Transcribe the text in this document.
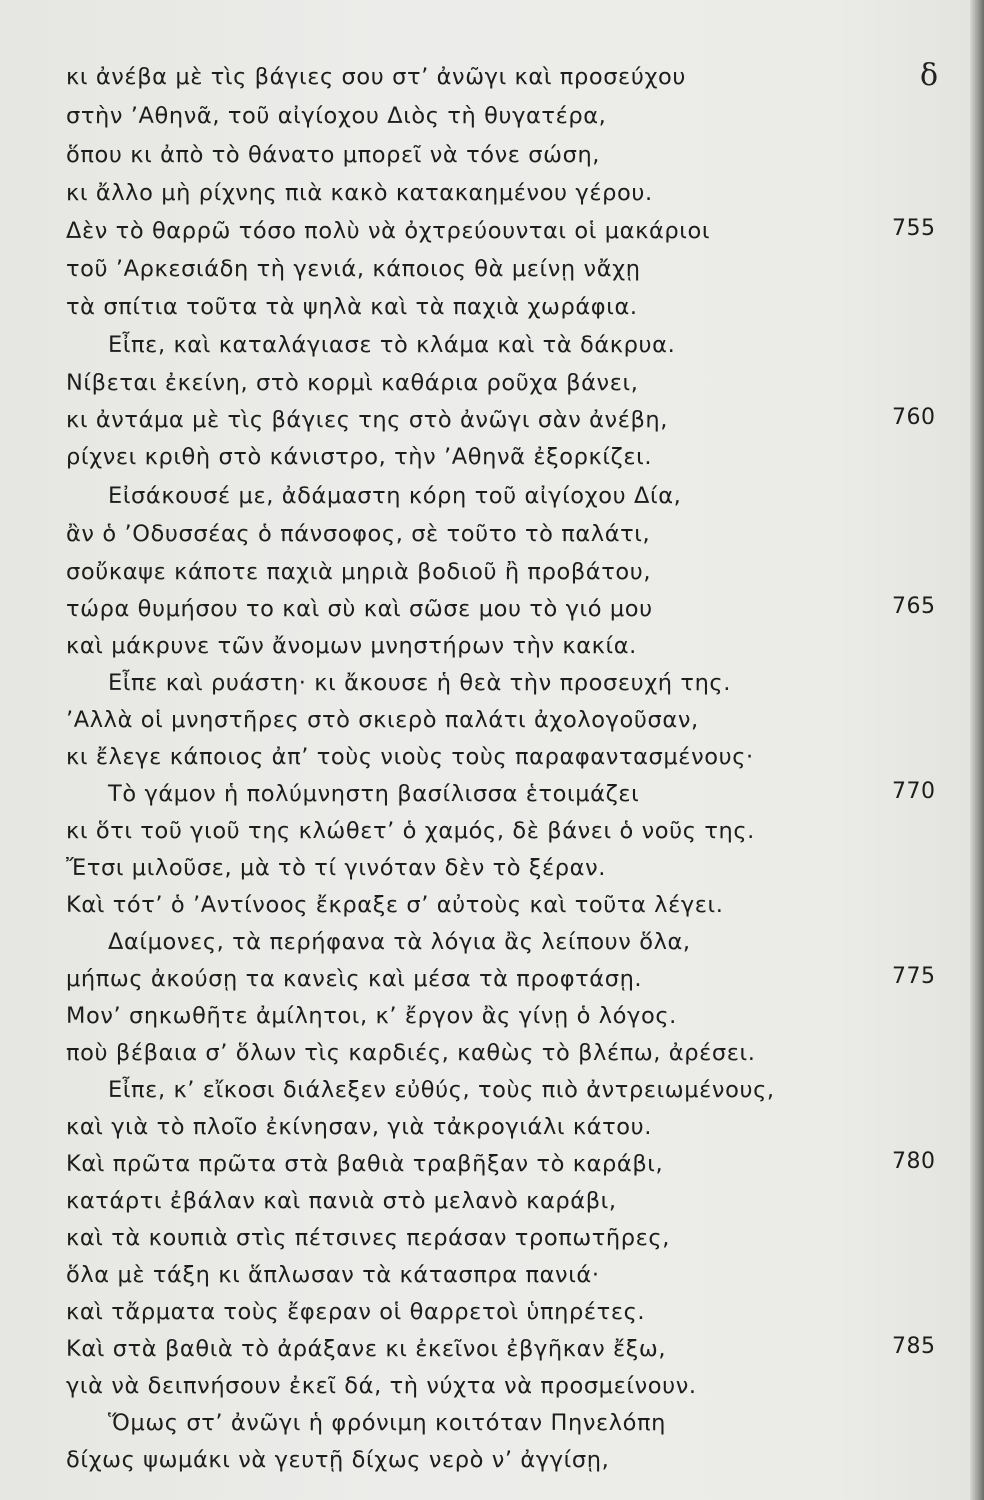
δ
κι ἀνέβα μὲ τὶς βάγιες σου στ’ ἀνῶγι καὶ προσεύχου
στὴν ’Αθηνᾶ, τοῦ αἰγίοχου Διὸς τὴ θυγατέρα,
ὅπου κι ἀπὸ τὸ θάνατο μπορεῖ νὰ τόνε σώση,
κι ἄλλο μὴ ρίχνης πιὰ κακὸ κατακαημένου γέρου.
Δὲν τὸ θαρρῶ τόσο πολὺ νὰ ὀχτρεύουνται οἱ μακάριοι
τοῦ ’Αρκεσιάδη τὴ γενιά, κάποιος θὰ μείνῃ νἄχῃ
τὰ σπίτια τοῦτα τὰ ψηλὰ καὶ τὰ παχιὰ χωράφια.
Εἶπε, καὶ καταλάγιασε τὸ κλάμα καὶ τὰ δάκρυα.
Νίβεται ἐκείνη, στὸ κορμὶ καθάρια ροῦχα βάνει,
κι ἀντάμα μὲ τὶς βάγιες της στὸ ἀνῶγι σὰν ἀνέβη,
ρίχνει κριθὴ στὸ κάνιστρο, τὴν ’Αθηνᾶ ἐξορκίζει.
Εἰσάκουσέ με, ἀδάμαστη κόρη τοῦ αἰγίοχου Δία,
ἂν ὁ ’Οδυσσέας ὁ πάνσοφος, σὲ τοῦτο τὸ παλάτι,
σοὔκαψε κάποτε παχιὰ μηριὰ βοδιοῦ ἢ προβάτου,
τώρα θυμήσου το καὶ σὺ καὶ σῶσε μου τὸ γιό μου
καὶ μάκρυνε τῶν ἄνομων μνηστήρων τὴν κακία.
Εἶπε καὶ ρυάστη· κι ἄκουσε ἡ θεὰ τὴν προσευχή της.
’Αλλὰ οἱ μνηστῆρες στὸ σκιερὸ παλάτι ἀχολογοῦσαν,
κι ἔλεγε κάποιος ἀπ’ τοὺς νιοὺς τοὺς παραφαντασμένους·
Τὸ γάμον ἡ πολύμνηστη βασίλισσα ἑτοιμάζει
κι ὅτι τοῦ γιοῦ της κλώθετ’ ὁ χαμός, δὲ βάνει ὁ νοῦς της.
Ἔτσι μιλοῦσε, μὰ τὸ τί γινόταν δὲν τὸ ξέραν.
Καὶ τότ’ ὁ ’Αντίνοος ἔκραξε σ’ αὐτοὺς καὶ τοῦτα λέγει.
Δαίμονες, τὰ περήφανα τὰ λόγια ἂς λείπουν ὅλα,
μήπως ἀκούσῃ τα κανεὶς καὶ μέσα τὰ προφτάσῃ.
Μον’ σηκωθῆτε ἀμίλητοι, κ’ ἔργον ἂς γίνῃ ὁ λόγος.
ποὺ βέβαια σ’ ὅλων τὶς καρδιές, καθὼς τὸ βλέπω, ἀρέσει.
Εἶπε, κ’ εἴκοσι διάλεξεν εὐθύς, τοὺς πιὸ ἀντρειωμένους,
καὶ γιὰ τὸ πλοῖο ἐκίνησαν, γιὰ τἀκρογιάλι κάτου.
Καὶ πρῶτα πρῶτα στὰ βαθιὰ τραβῆξαν τὸ καράβι,
κατάρτι ἐβάλαν καὶ πανιὰ στὸ μελανὸ καράβι,
καὶ τὰ κουπιὰ στὶς πέτσινες περάσαν τροπωτῆρες,
ὅλα μὲ τάξη κι ἅπλωσαν τὰ κάτασπρα πανιά·
καὶ τἄρματα τοὺς ἔφεραν οἱ θαρρετοὶ ὑπηρέτες.
Καὶ στὰ βαθιὰ τὸ ἀράξανε κι ἐκεῖνοι ἐβγῆκαν ἔξω,
γιὰ νὰ δειπνήσουν ἐκεῖ δά, τὴ νύχτα νὰ προσμείνουν.
Ὅμως στ’ ἀνῶγι ἡ φρόνιμη κοιτόταν Πηνελόπη
δίχως ψωμάκι νὰ γευτῇ δίχως νερὸ ν’ ἀγγίσῃ,
755
760
765
770
775
780
785
